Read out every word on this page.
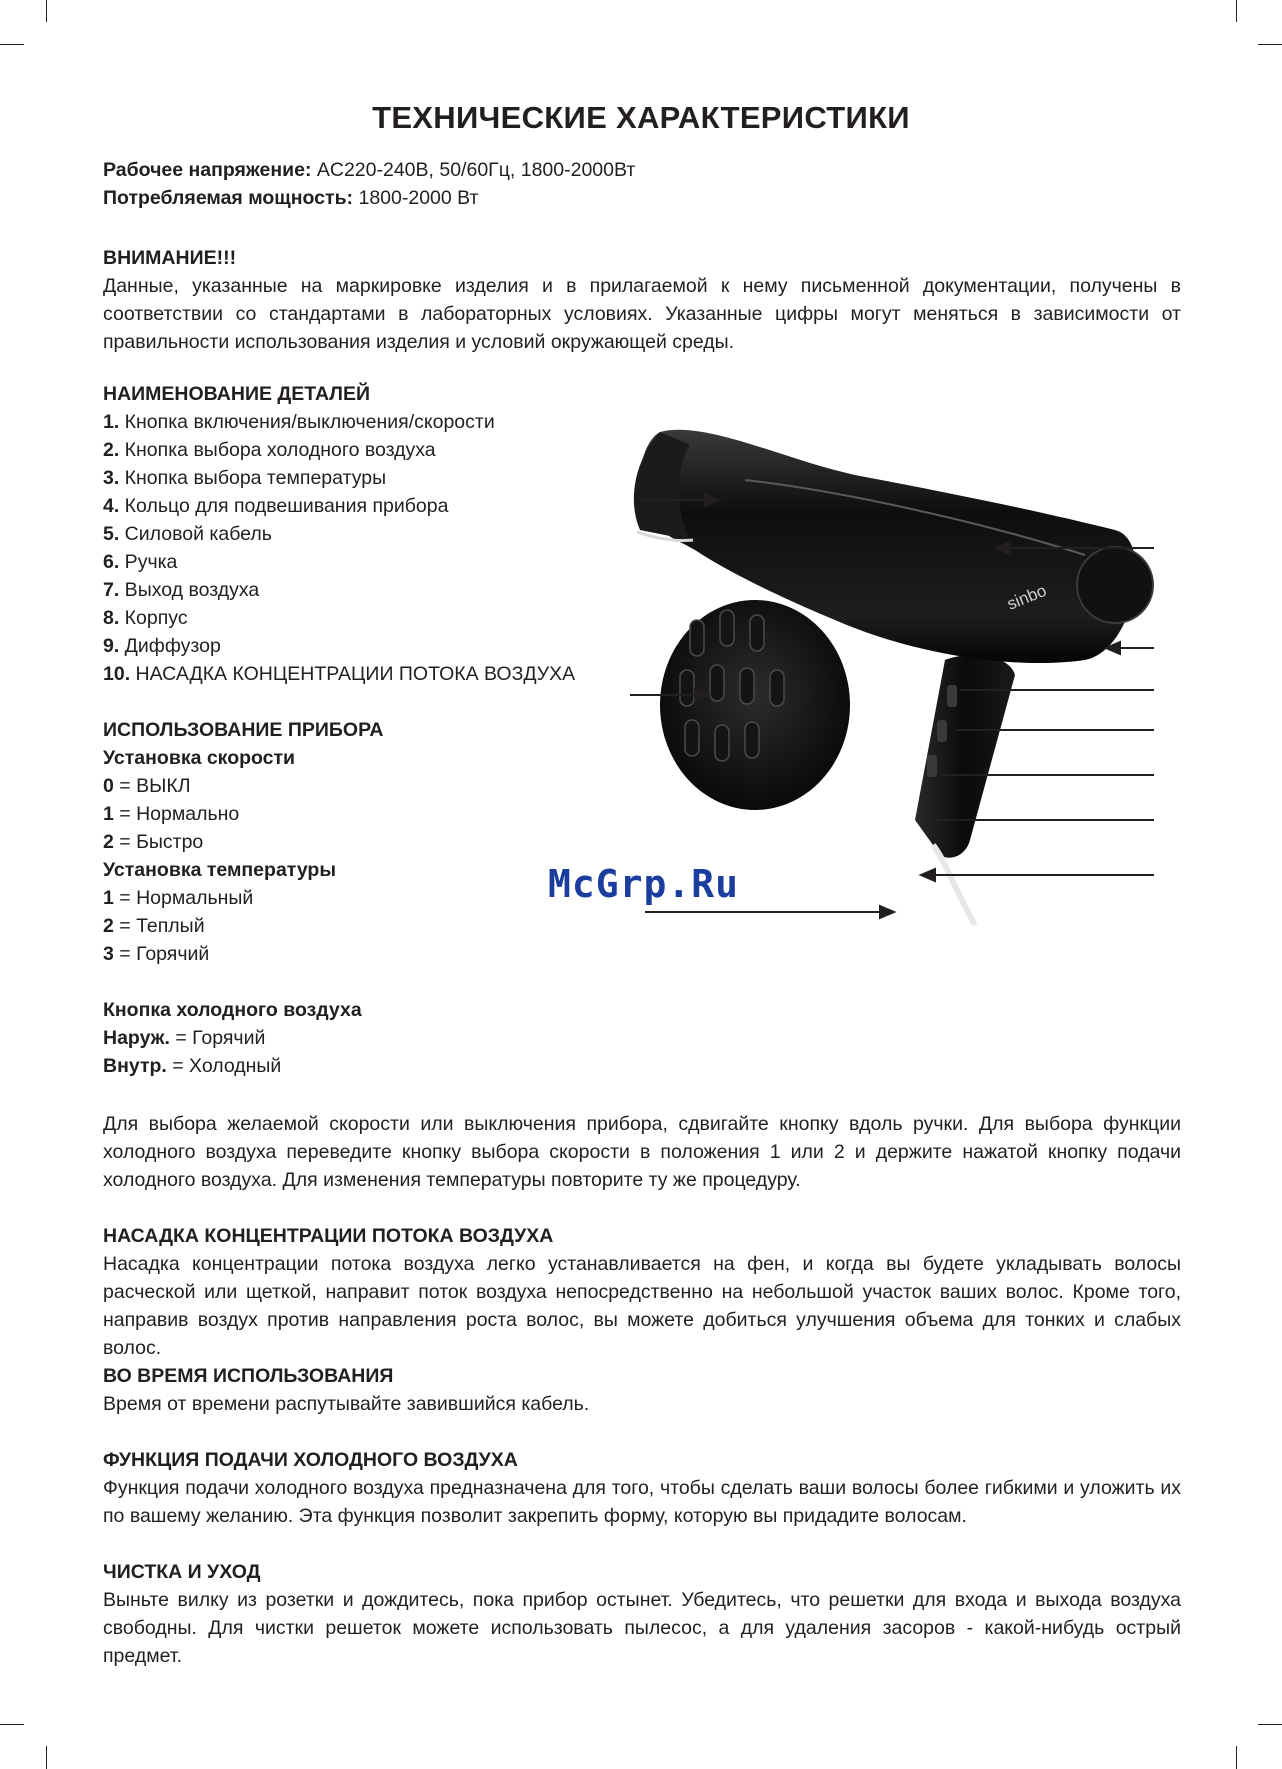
ТЕХНИЧЕСКИЕ ХАРАКТЕРИСТИКИ

Рабочее напряжение: AC220-240В, 50/60Гц, 1800-2000Вт

Потребляемая мощность: 1800-2000 Вт

ВНИМАНИЕ!!!

Данные, указанные на маркировке изделия и в прилагаемой к нему письменной документации, получены в соответствии со стандартами в лабораторных условиях. Указанные цифры могут меняться в зависимости от правильности использования изделия и условий окружающей среды.

НАИМЕНОВАНИЕ ДЕТАЛЕЙ

1. Кнопка включения/выключения/скорости

2. Кнопка выбора холодного воздуха

3. Кнопка выбора температуры

4. Кольцо для подвешивания прибора

5. Силовой кабель

6. Ручка

7. Выход воздуха

8. Корпус

9. Диффузор

10. НАСАДКА КОНЦЕНТРАЦИИ ПОТОКА ВОЗДУХА

ИСПОЛЬЗОВАНИЕ ПРИБОРА

Установка скорости

0 = ВЫКЛ

1 = Нормально

2 = Быстро

Установка температуры

1 = Нормальный

2 = Теплый

3 = Горячий

Кнопка холодного воздуха

Наруж. = Горячий

Внутр. = Холодный

Для выбора желаемой скорости или выключения прибора, сдвигайте кнопку вдоль ручки. Для выбора функции холодного воздуха переведите кнопку выбора скорости в положения 1 или 2 и держите нажатой кнопку подачи холодного воздуха. Для изменения температуры повторите ту же процедуру.

НАСАДКА КОНЦЕНТРАЦИИ ПОТОКА ВОЗДУХА

Насадка концентрации потока воздуха легко устанавливается на фен, и когда вы будете укладывать волосы расческой или щеткой, направит поток воздуха непосредственно на небольшой участок ваших волос. Кроме того, направив воздух против направления роста волос, вы можете добиться улучшения объема для тонких и слабых волос.

ВО ВРЕМЯ ИСПОЛЬЗОВАНИЯ

Время от времени распутывайте завившийся кабель.

ФУНКЦИЯ ПОДАЧИ ХОЛОДНОГО ВОЗДУХА

Функция подачи холодного воздуха предназначена для того, чтобы сделать ваши волосы более гибкими и уложить их по вашему желанию. Эта функция позволит закрепить форму, которую вы придадите волосам.

ЧИСТКА И УХОД

Выньте вилку из розетки и дождитесь, пока прибор остынет. Убедитесь, что решетки для входа и выхода воздуха свободны. Для чистки решеток можете использовать пылесос, а для удаления засоров - какой-нибудь острый предмет.

sinbo
McGrp.Ru
